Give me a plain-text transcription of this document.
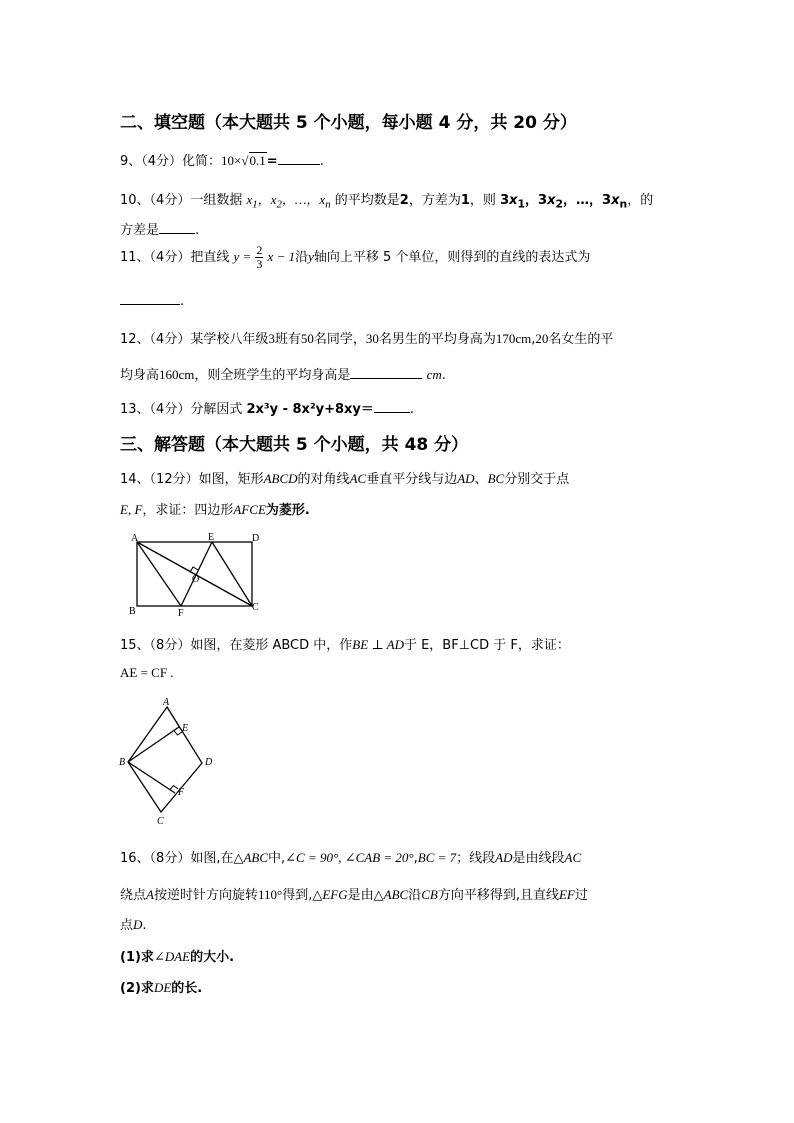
二、填空题（本大题共 5 个小题，每小题 4 分，共 20 分）
9、（4分）化简：10×√0.1=	.
10、（4分）一组数据 $x_1$，$x_2$，…，$x_n$ 的平均数是2，方差为1，则 $3x_1$，$3x_2$，…，$3x_n$，的
方差是	.
11、（4分）把直线 $y = \frac{2}{3}$ x − 1沿y轴向上平移 5 个单位，则得到的直线的表达式为
.
12、（4分）某学校八年级3班有50名同学，30名男生的平均身高为170cm,20名女生的平
均身高160cm，则全班学生的平均身高是	cm.
13、（4分）分解因式 2x³y - 8x²y+8xy＝	.
三、解答题（本大题共 5 个小题，共 48 分）
14、（12分）如图，矩形ABCD的对角线AC垂直平分线与边AD、BC分别交于点
E, F，求证：四边形AFCE为菱形.
A
B	C
D
E
F
O
15、（8分）如图，在菱形 ABCD 中，作BE ⊥ AD于 E，BF⊥CD 于 F，求证：
AE = CF .
A
B
C
D
E
F
16、（8分）如图,在△ABC中,∠C = 90°, ∠CAB = 20°,BC = 7；线段AD是由线段AC
绕点A按逆时针方向旋转110°得到,△EFG是由△ABC沿CB方向平移得到,且直线EF过
点D.
(1)求∠DAE的大小.
(2)求DE的长.
